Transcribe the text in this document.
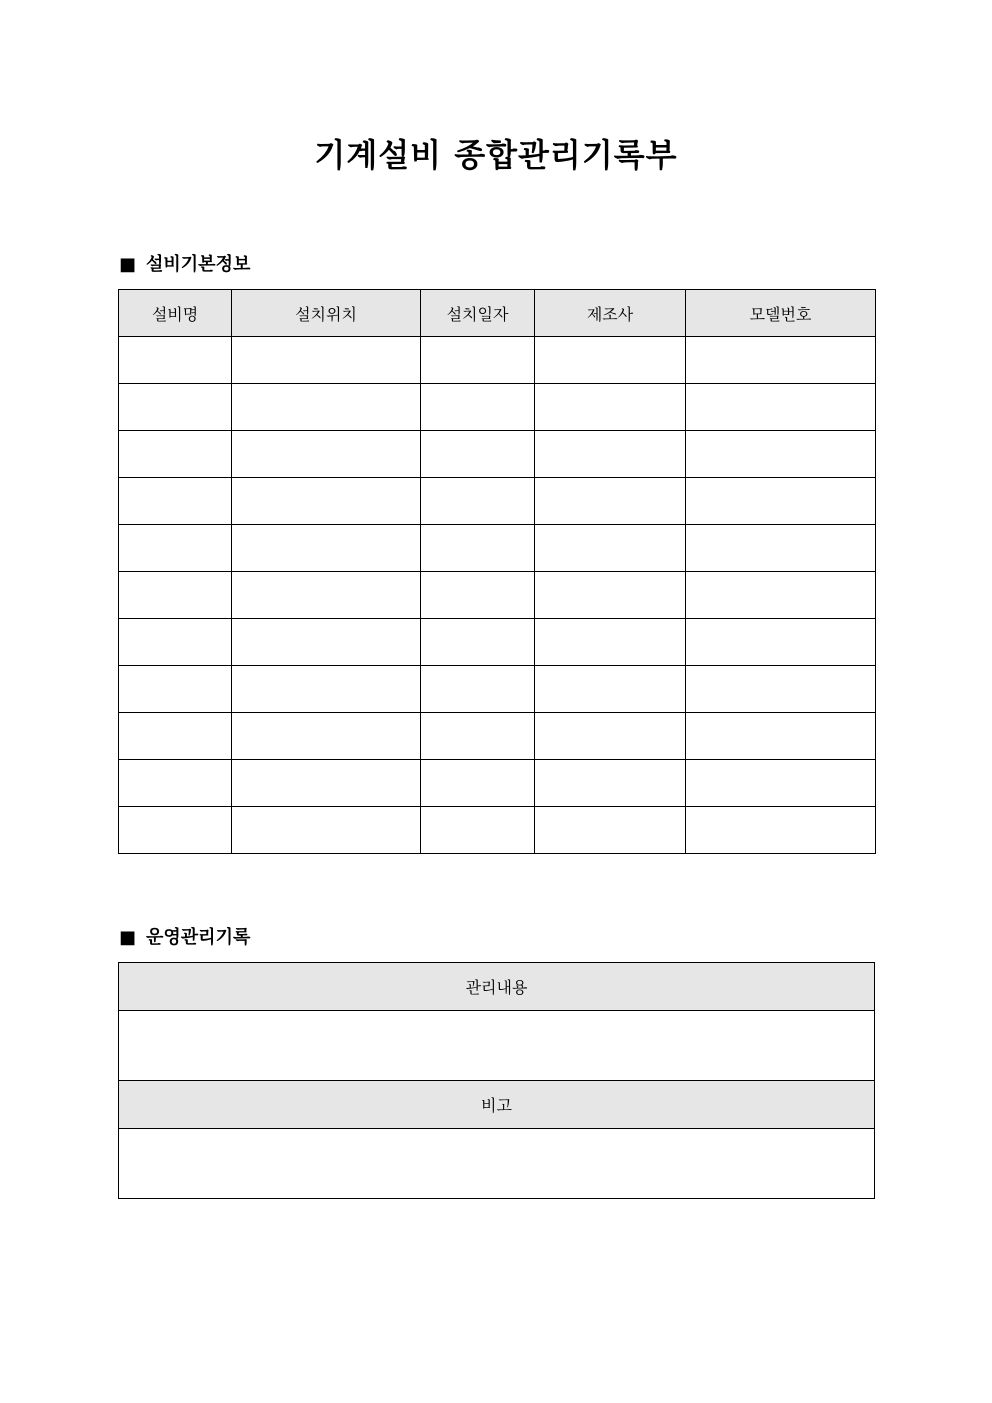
기계설비 종합관리기록부
■ 설비기본정보
설비명	설치위치	설치일자	제조사	모델번호

■ 운영관리기록
관리내용

비고
